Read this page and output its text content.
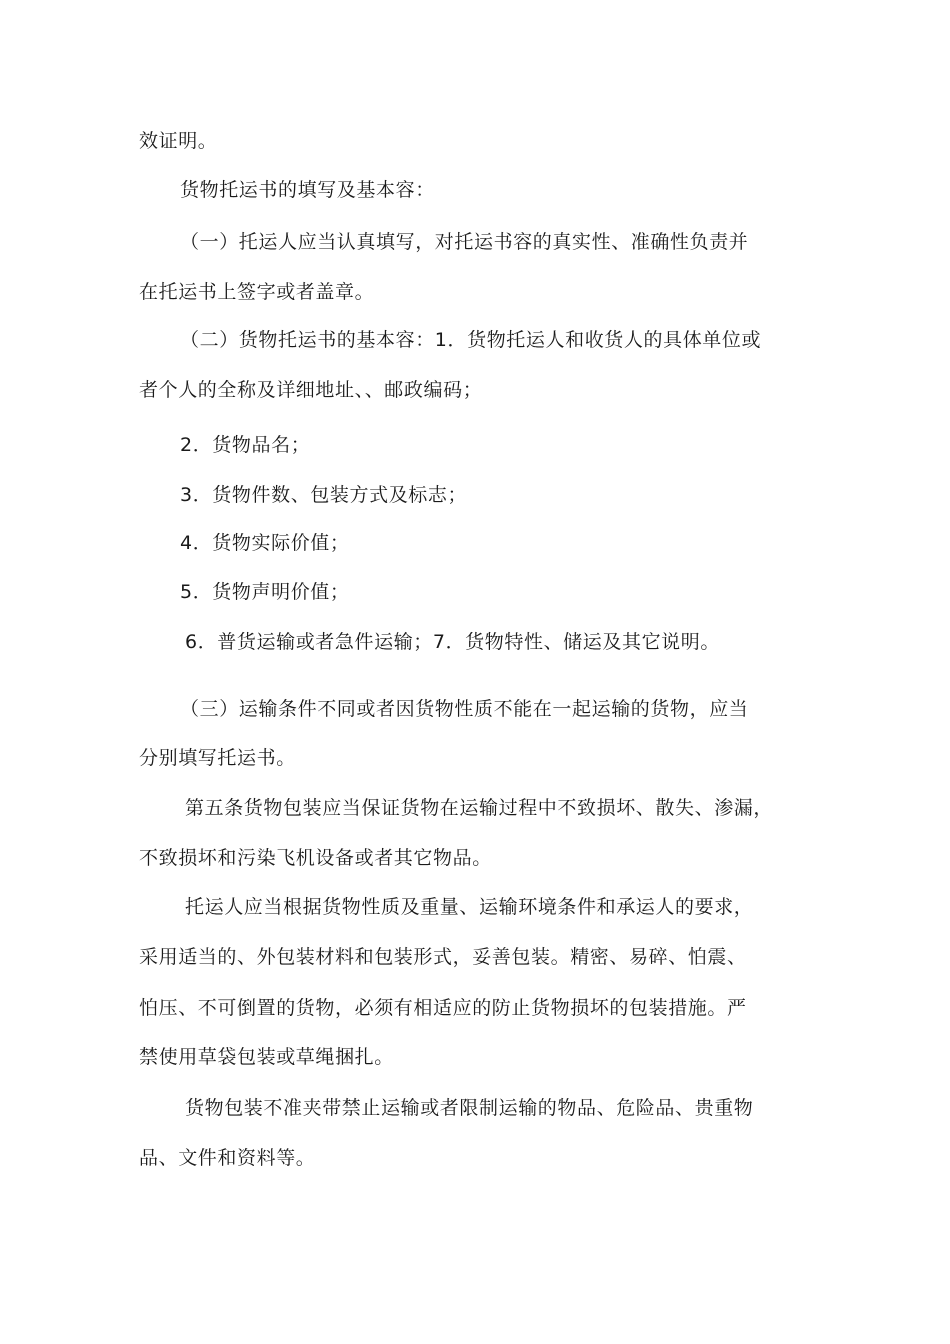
效证明。

货物托运书的填写及基本容：

（一）托运人应当认真填写，对托运书容的真实性、准确性负责并

在托运书上签字或者盖章。

（二）货物托运书的基本容：1．货物托运人和收货人的具体单位或

者个人的全称及详细地址、、邮政编码；

2．货物品名；

3．货物件数、包装方式及标志；

4．货物实际价值；

5．货物声明价值；

6．普货运输或者急件运输；7．货物特性、储运及其它说明。

（三）运输条件不同或者因货物性质不能在一起运输的货物，应当

分别填写托运书。

第五条货物包装应当保证货物在运输过程中不致损坏、散失、渗漏，

不致损坏和污染飞机设备或者其它物品。

托运人应当根据货物性质及重量、运输环境条件和承运人的要求，

采用适当的、外包装材料和包装形式，妥善包装。精密、易碎、怕震、

怕压、不可倒置的货物，必须有相适应的防止货物损坏的包装措施。严

禁使用草袋包装或草绳捆扎。

货物包装不准夹带禁止运输或者限制运输的物品、危险品、贵重物

品、文件和资料等。
